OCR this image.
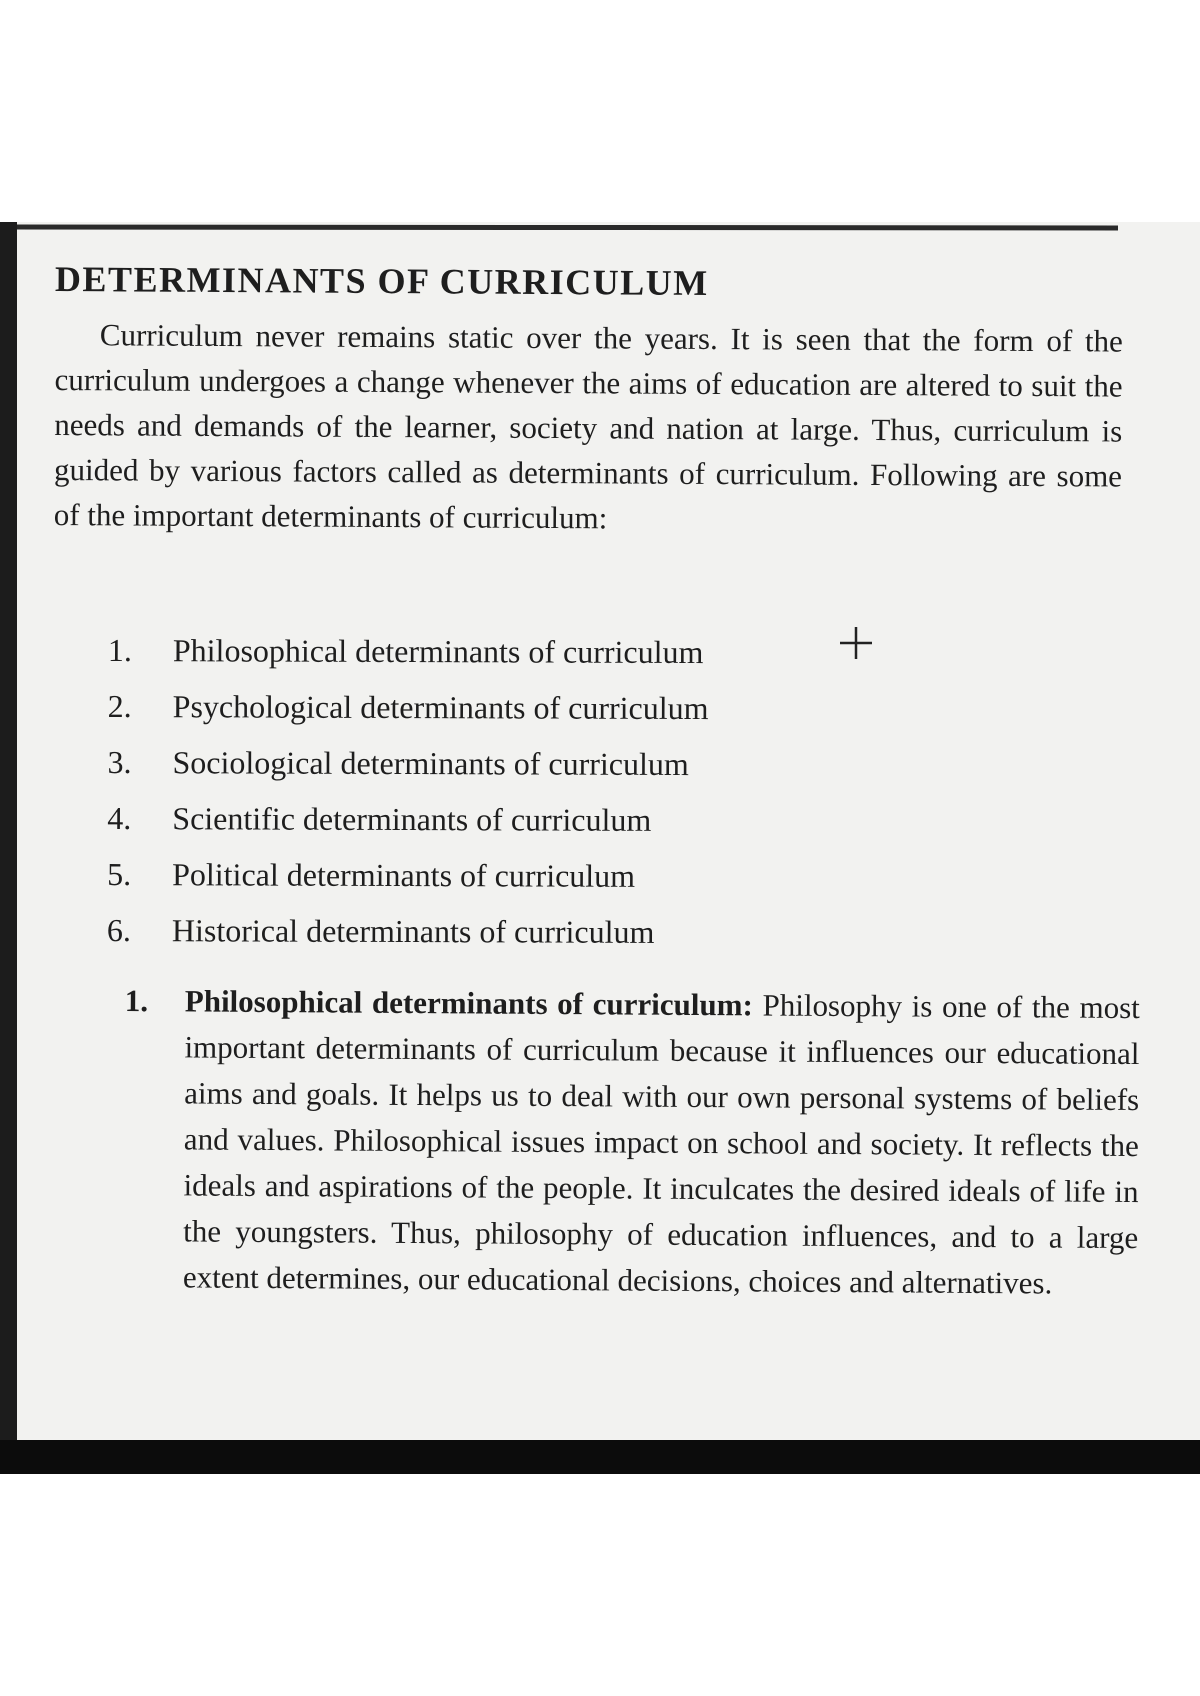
DETERMINANTS OF CURRICULUM

Curriculum never remains static over the years. It is seen that the form of the curriculum undergoes a change whenever the aims of education are altered to suit the needs and demands of the learner, society and nation at large. Thus, curriculum is guided by various factors called as determinants of curriculum. Following are some of the important determinants of curriculum:

1. Philosophical determinants of curriculum
2. Psychological determinants of curriculum
3. Sociological determinants of curriculum
4. Scientific determinants of curriculum
5. Political determinants of curriculum
6. Historical determinants of curriculum

1.	Philosophical determinants of curriculum: Philosophy is one of the most important determinants of curriculum because it influences our educational aims and goals. It helps us to deal with our own personal systems of beliefs and values. Philosophical issues impact on school and society. It reflects the ideals and aspirations of the people. It inculcates the desired ideals of life in the youngsters. Thus, philosophy of education influences, and to a large extent determines, our educational decisions, choices and alternatives.
